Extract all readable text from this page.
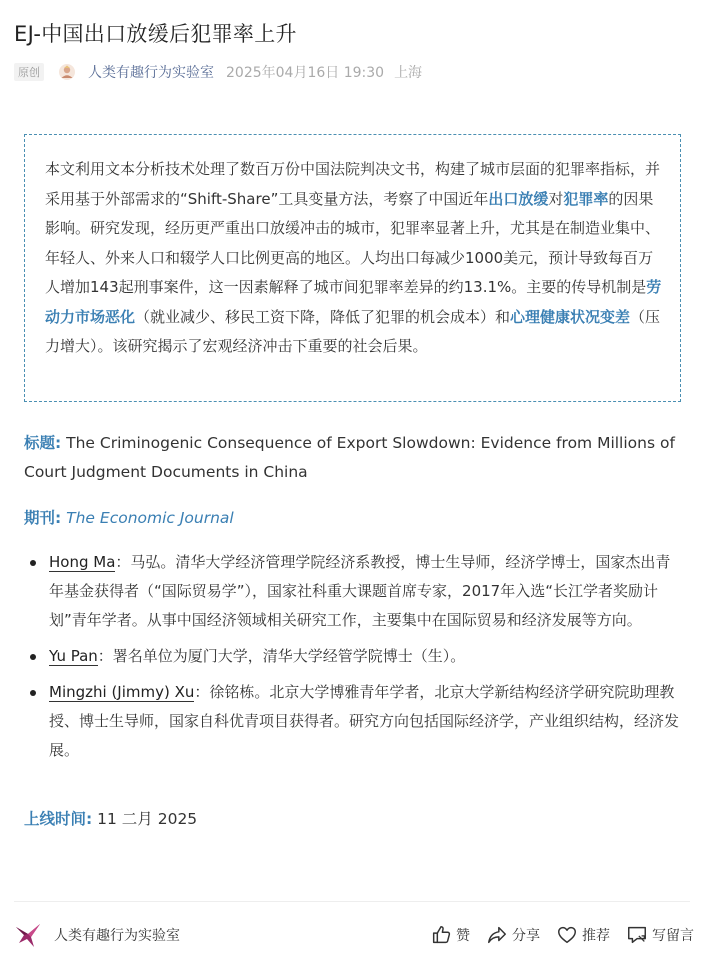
EJ-中国出口放缓后犯罪率上升
原创	人类有趣行为实验室 2025年04月16日 19:30 上海
本文利用文本分析技术处理了数百万份中国法院判决文书，构建了城市层面的犯罪率指标，并采用基于外部需求的“Shift-Share”工具变量方法，考察了中国近年出口放缓对犯罪率的因果影响。研究发现，经历更严重出口放缓冲击的城市，犯罪率显著上升，尤其是在制造业集中、年轻人、外来人口和辍学人口比例更高的地区。人均出口每减少1000美元，预计导致每百万人增加143起刑事案件，这一因素解释了城市间犯罪率差异的约13.1%。主要的传导机制是劳动力市场恶化（就业减少、移民工资下降，降低了犯罪的机会成本）和心理健康状况变差（压力增大）。该研究揭示了宏观经济冲击下重要的社会后果。
标题: The Criminogenic Consequence of Export Slowdown: Evidence from Millions of Court Judgment Documents in China
期刊: The Economic Journal
Hong Ma：马弘。清华大学经济管理学院经济系教授，博士生导师，经济学博士，国家杰出青年基金获得者（“国际贸易学”），国家社科重大课题首席专家，2017年入选“长江学者奖励计划”青年学者。从事中国经济领域相关研究工作，主要集中在国际贸易和经济发展等方向。
Yu Pan：署名单位为厦门大学，清华大学经管学院博士（生）。
Mingzhi (Jimmy) Xu：徐铭栋。北京大学博雅青年学者，北京大学新结构经济学研究院助理教授、博士生导师，国家自科优青项目获得者。研究方向包括国际经济学，产业组织结构，经济发展。
上线时间: 11 二月 2025
人类有趣行为实验室	赞	分享	推荐	写留言
